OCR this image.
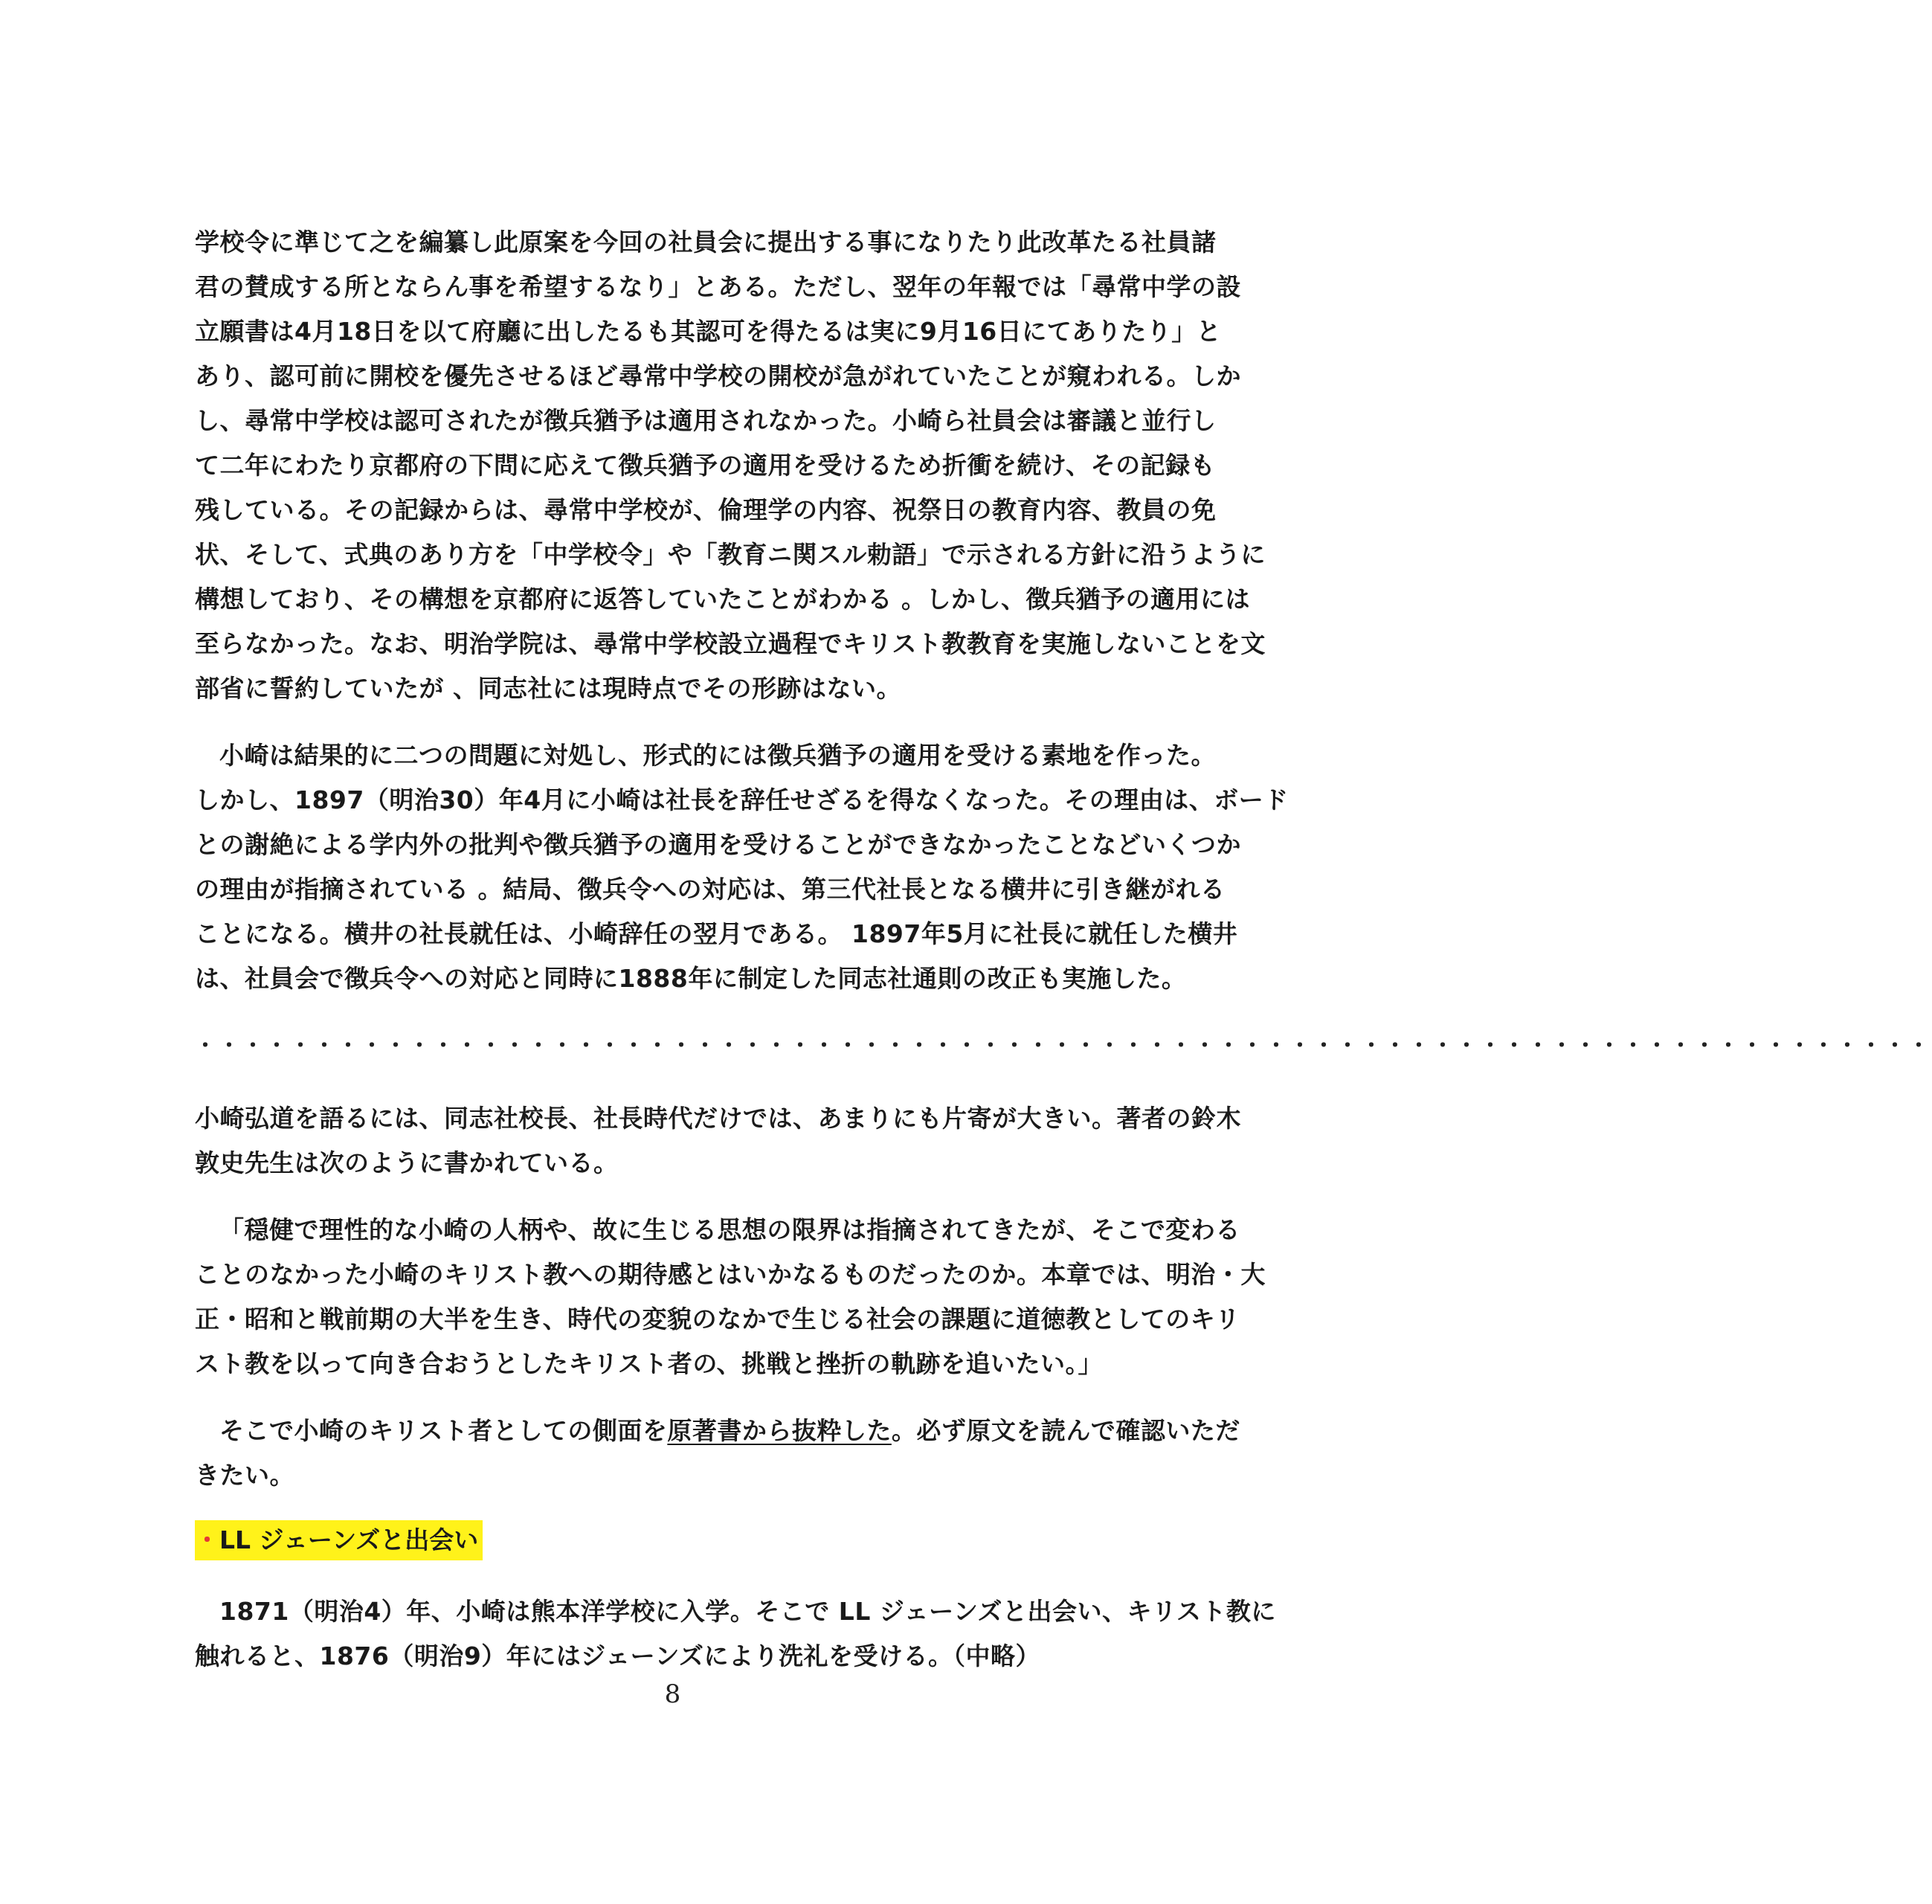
学校令に準じて之を編纂し此原案を今回の社員会に提出する事になりたり此改革たる社員諸
君の賛成する所とならん事を希望するなり」とある。ただし、翌年の年報では「尋常中学の設
立願書は4月18日を以て府廳に出したるも其認可を得たるは実に9月16日にてありたり」と
あり、認可前に開校を優先させるほど尋常中学校の開校が急がれていたことが窺われる。しか
し、尋常中学校は認可されたが徴兵猶予は適用されなかった。小崎ら社員会は審議と並行し
て二年にわたり京都府の下問に応えて徴兵猶予の適用を受けるため折衝を続け、その記録も
残している。その記録からは、尋常中学校が、倫理学の内容、祝祭日の教育内容、教員の免
状、そして、式典のあり方を「中学校令」や「教育ニ関スル勅語」で示される方針に沿うように
構想しており、その構想を京都府に返答していたことがわかる 。しかし、徴兵猶予の適用には
至らなかった。なお、明治学院は、尋常中学校設立過程でキリスト教教育を実施しないことを文
部省に誓約していたが 、同志社には現時点でその形跡はない。

小崎は結果的に二つの問題に対処し、形式的には徴兵猶予の適用を受ける素地を作った。
しかし、1897（明治30）年4月に小崎は社長を辞任せざるを得なくなった。その理由は、ボード
との謝絶による学内外の批判や徴兵猶予の適用を受けることができなかったことなどいくつか
の理由が指摘されている 。結局、徴兵令への対応は、第三代社長となる横井に引き継がれる
ことになる。横井の社長就任は、小崎辞任の翌月である。 1897年5月に社長に就任した横井
は、社員会で徴兵令への対応と同時に1888年に制定した同志社通則の改正も実施した。

・・・・・・・・・・・・・・・・・・・・・・・・・・・・・・・・・・・・・・・・・・・・・・・・・・・・・・・・・・・・・・・・・・・・・・・・・

小崎弘道を語るには、同志社校長、社長時代だけでは、あまりにも片寄が大きい。著者の鈴木
敦史先生は次のように書かれている。

「穏健で理性的な小崎の人柄や、故に生じる思想の限界は指摘されてきたが、そこで変わる
ことのなかった小崎のキリスト教への期待感とはいかなるものだったのか。本章では、明治・大
正・昭和と戦前期の大半を生き、時代の変貌のなかで生じる社会の課題に道徳教としてのキリ
スト教を以って向き合おうとしたキリスト者の、挑戦と挫折の軌跡を追いたい。」

そこで小崎のキリスト者としての側面を原著書から抜粋した。必ず原文を読んで確認いただ
きたい。

・LL ジェーンズと出会い

1871（明治4）年、小崎は熊本洋学校に入学。そこで LL ジェーンズと出会い、キリスト教に
触れると、1876（明治9）年にはジェーンズにより洗礼を受ける。（中略）

8
